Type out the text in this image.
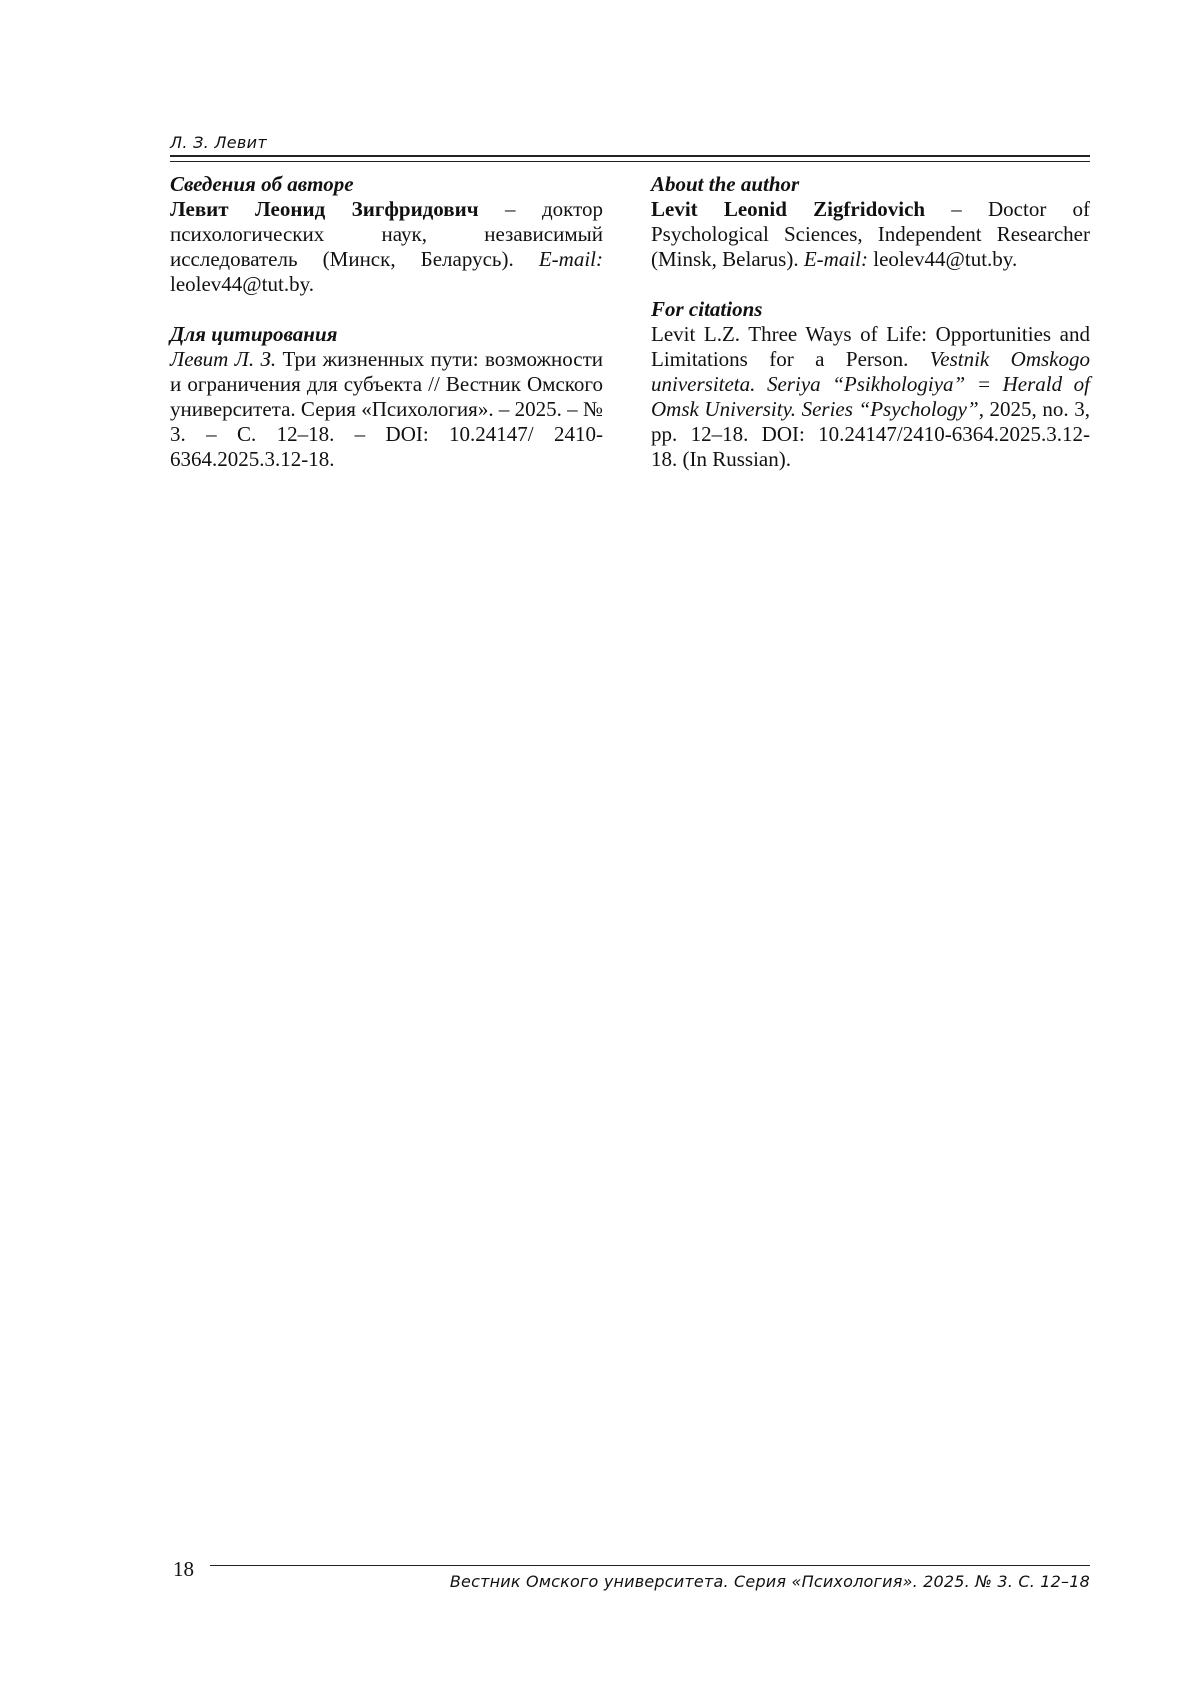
Л. З. Левит

Сведения об авторе

Левит Леонид Зигфридович – доктор психологических наук, независимый исследователь (Минск, Беларусь). E-mail: leolev44@tut.by.

Для цитирования

Левит Л. З. Три жизненных пути: возможности и ограничения для субъекта // Вестник Омского университета. Серия «Психология». – 2025. – № 3. – С. 12–18. – DOI: 10.24147/ 2410-6364.2025.3.12-18.

About the author

Levit Leonid Zigfridovich – Doctor of Psychological Sciences, Independent Researcher (Minsk, Belarus). E-mail: leolev44@tut.by.

For citations

Levit L.Z. Three Ways of Life: Opportunities and Limitations for a Person. Vestnik Omskogo universiteta. Seriya “Psikhologiya” = Herald of Omsk University. Series “Psychology”, 2025, no. 3, pp. 12–18. DOI: 10.24147/2410-6364.2025.3.12-18. (In Russian).

18
Вестник Омского университета. Серия «Психология». 2025. № 3. С. 12–18
